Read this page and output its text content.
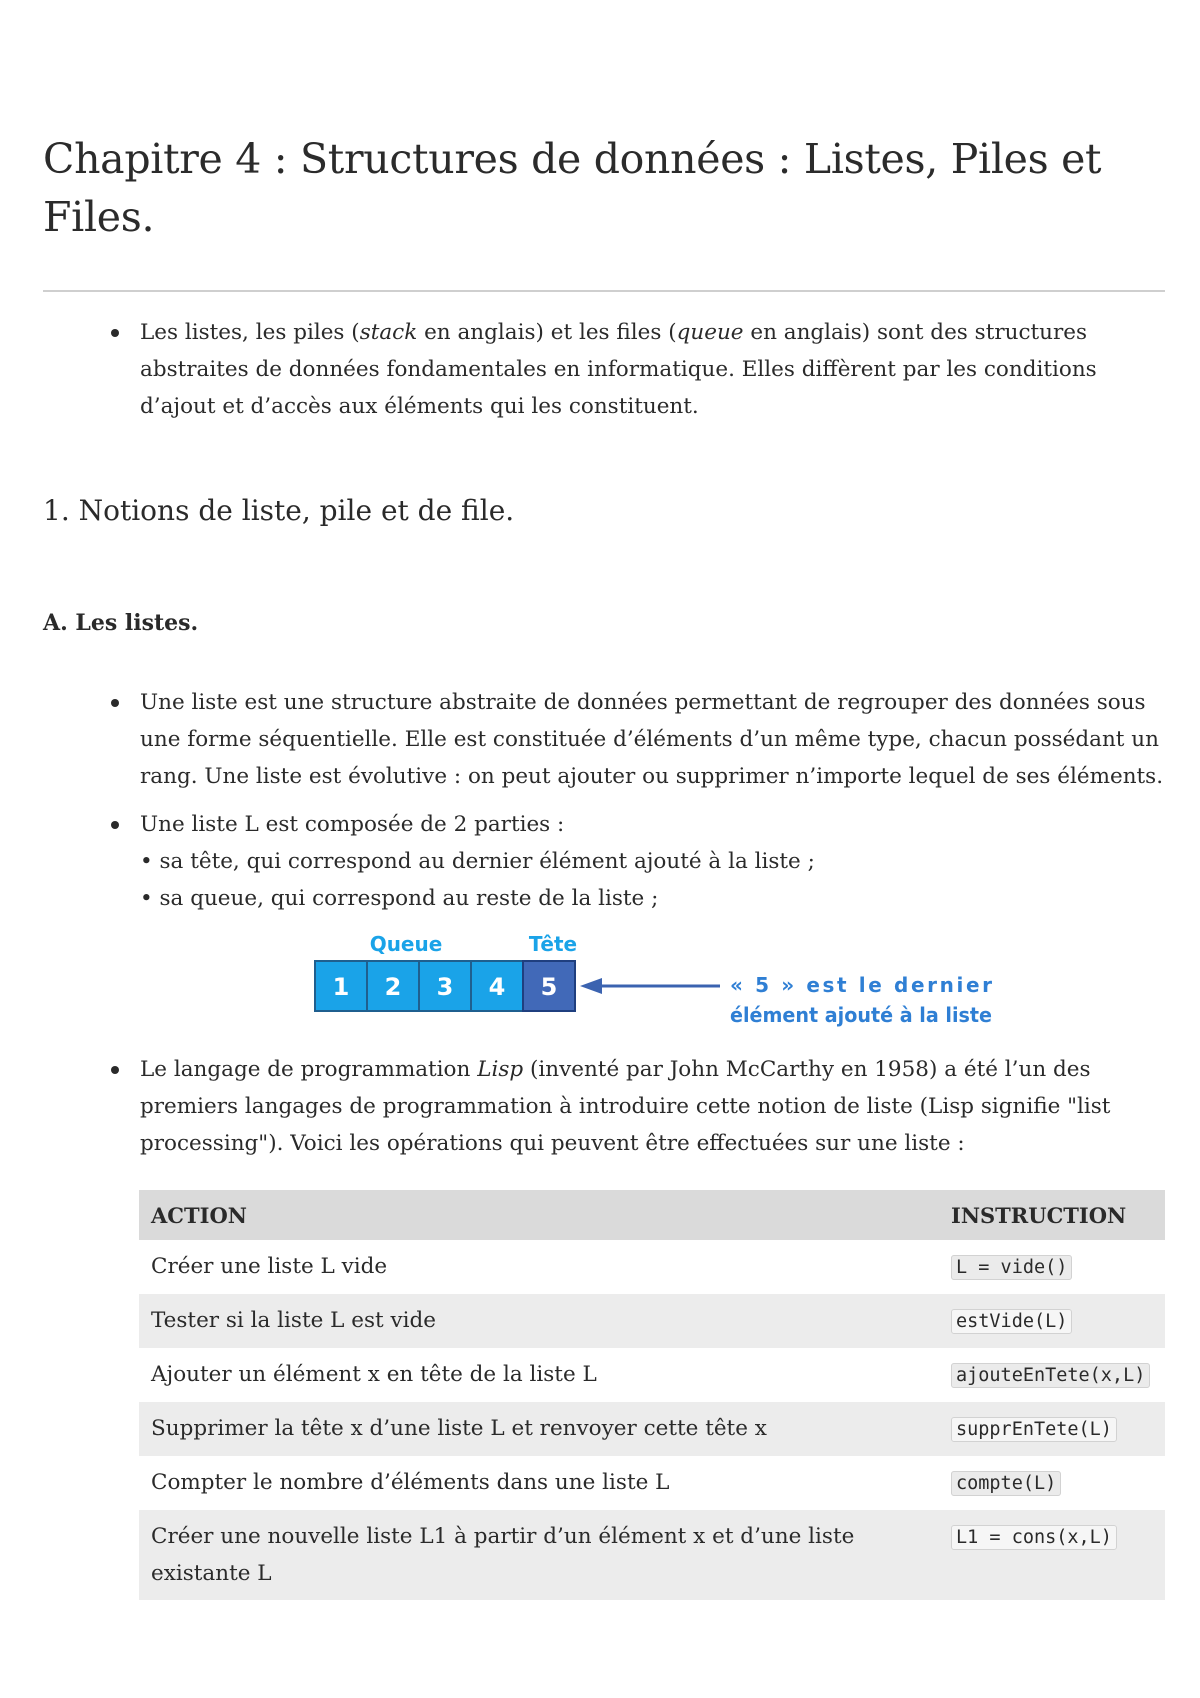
Chapitre 4 : Structures de données : Listes, Piles et Files.
Les listes, les piles (stack en anglais) et les files (queue en anglais) sont des structures abstraites de données fondamentales en informatique. Elles diffèrent par les conditions d’ajout et d’accès aux éléments qui les constituent.
1. Notions de liste, pile et de file.
A. Les listes.
Une liste est une structure abstraite de données permettant de regrouper des données sous une forme séquentielle. Elle est constituée d’éléments d’un même type, chacun possédant un rang. Une liste est évolutive : on peut ajouter ou supprimer n’importe lequel de ses éléments.
Une liste L est composée de 2 parties :
• sa tête, qui correspond au dernier élément ajouté à la liste ;
• sa queue, qui correspond au reste de la liste ;
Queue	Tête
1 2 3 4 5	« 5 » est le dernier
élément ajouté à la liste
Le langage de programmation Lisp (inventé par John McCarthy en 1958) a été l’un des premiers langages de programmation à introduire cette notion de liste (Lisp signifie "list processing"). Voici les opérations qui peuvent être effectuées sur une liste :
ACTION	INSTRUCTION
Créer une liste L vide	L = vide()
Tester si la liste L est vide	estVide(L)
Ajouter un élément x en tête de la liste L	ajouteEnTete(x,L)
Supprimer la tête x d’une liste L et renvoyer cette tête x	supprEnTete(L)
Compter le nombre d’éléments dans une liste L	compte(L)
Créer une nouvelle liste L1 à partir d’un élément x et d’une liste existante L	L1 = cons(x,L)
